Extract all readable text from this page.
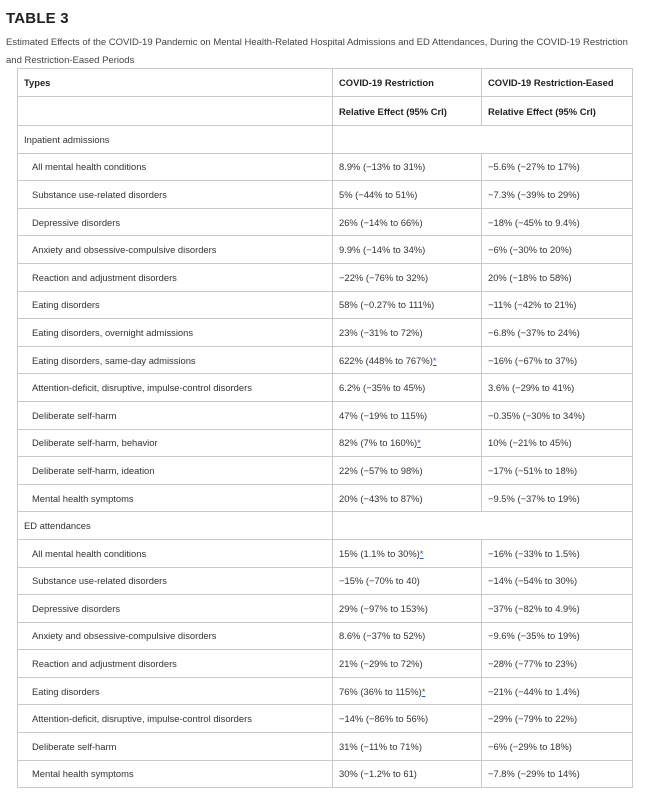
TABLE 3
Estimated Effects of the COVID-19 Pandemic on Mental Health-Related Hospital Admissions and ED Attendances, During the COVID-19 Restriction and Restriction-Eased Periods
Types	COVID-19 Restriction	COVID-19 Restriction-Eased
	Relative Effect (95% CrI)	Relative Effect (95% CrI)
Inpatient admissions		
All mental health conditions	8.9% (−13% to 31%)	−5.6% (−27% to 17%)
Substance use-related disorders	5% (−44% to 51%)	−7.3% (−39% to 29%)
Depressive disorders	26% (−14% to 66%)	−18% (−45% to 9.4%)
Anxiety and obsessive-compulsive disorders	9.9% (−14% to 34%)	−6% (−30% to 20%)
Reaction and adjustment disorders	−22% (−76% to 32%)	20% (−18% to 58%)
Eating disorders	58% (−0.27% to 111%)	−11% (−42% to 21%)
Eating disorders, overnight admissions	23% (−31% to 72%)	−6.8% (−37% to 24%)
Eating disorders, same-day admissions	622% (448% to 767%)*	−16% (−67% to 37%)
Attention-deficit, disruptive, impulse-control disorders	6.2% (−35% to 45%)	3.6% (−29% to 41%)
Deliberate self-harm	47% (−19% to 115%)	−0.35% (−30% to 34%)
Deliberate self-harm, behavior	82% (7% to 160%)*	10% (−21% to 45%)
Deliberate self-harm, ideation	22% (−57% to 98%)	−17% (−51% to 18%)
Mental health symptoms	20% (−43% to 87%)	−9.5% (−37% to 19%)
ED attendances		
All mental health conditions	15% (1.1% to 30%)*	−16% (−33% to 1.5%)
Substance use-related disorders	−15% (−70% to 40)	−14% (−54% to 30%)
Depressive disorders	29% (−97% to 153%)	−37% (−82% to 4.9%)
Anxiety and obsessive-compulsive disorders	8.6% (−37% to 52%)	−9.6% (−35% to 19%)
Reaction and adjustment disorders	21% (−29% to 72%)	−28% (−77% to 23%)
Eating disorders	76% (36% to 115%)*	−21% (−44% to 1.4%)
Attention-deficit, disruptive, impulse-control disorders	−14% (−86% to 56%)	−29% (−79% to 22%)
Deliberate self-harm	31% (−11% to 71%)	−6% (−29% to 18%)
Mental health symptoms	30% (−1.2% to 61)	−7.8% (−29% to 14%)
